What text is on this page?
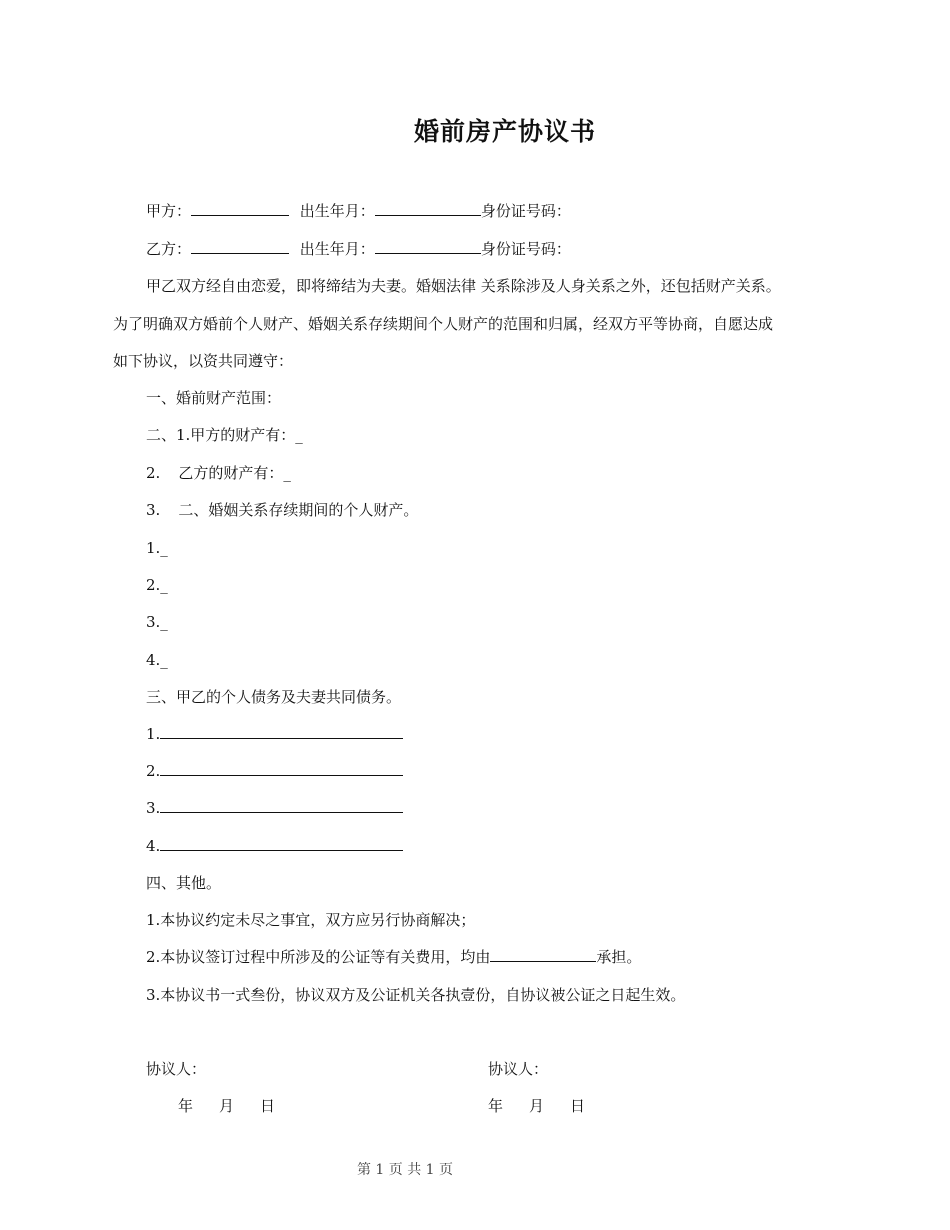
婚前房产协议书
甲方：	出生年月：	身份证号码：
乙方：	出生年月：	身份证号码：
甲乙双方经自由恋爱，即将缔结为夫妻。婚姻法律 关系除涉及人身关系之外，还包括财产关系。
为了明确双方婚前个人财产、婚姻关系存续期间个人财产的范围和归属，经双方平等协商，自愿达成
如下协议，以资共同遵守：
一、婚前财产范围：
二、1.甲方的财产有：_
2. 乙方的财产有：_
3. 二、婚姻关系存续期间的个人财产。
1._
2._
3._
4._
三、甲乙的个人债务及夫妻共同债务。
1.
2.
3.
4.
四、其他。
1.本协议约定未尽之事宜，双方应另行协商解决；
2.本协议签订过程中所涉及的公证等有关费用，均由	承担。
3.本协议书一式叁份，协议双方及公证机关各执壹份，自协议被公证之日起生效。
协议人：
年 月 日
协议人：
年 月 日
第 1 页 共 1 页
